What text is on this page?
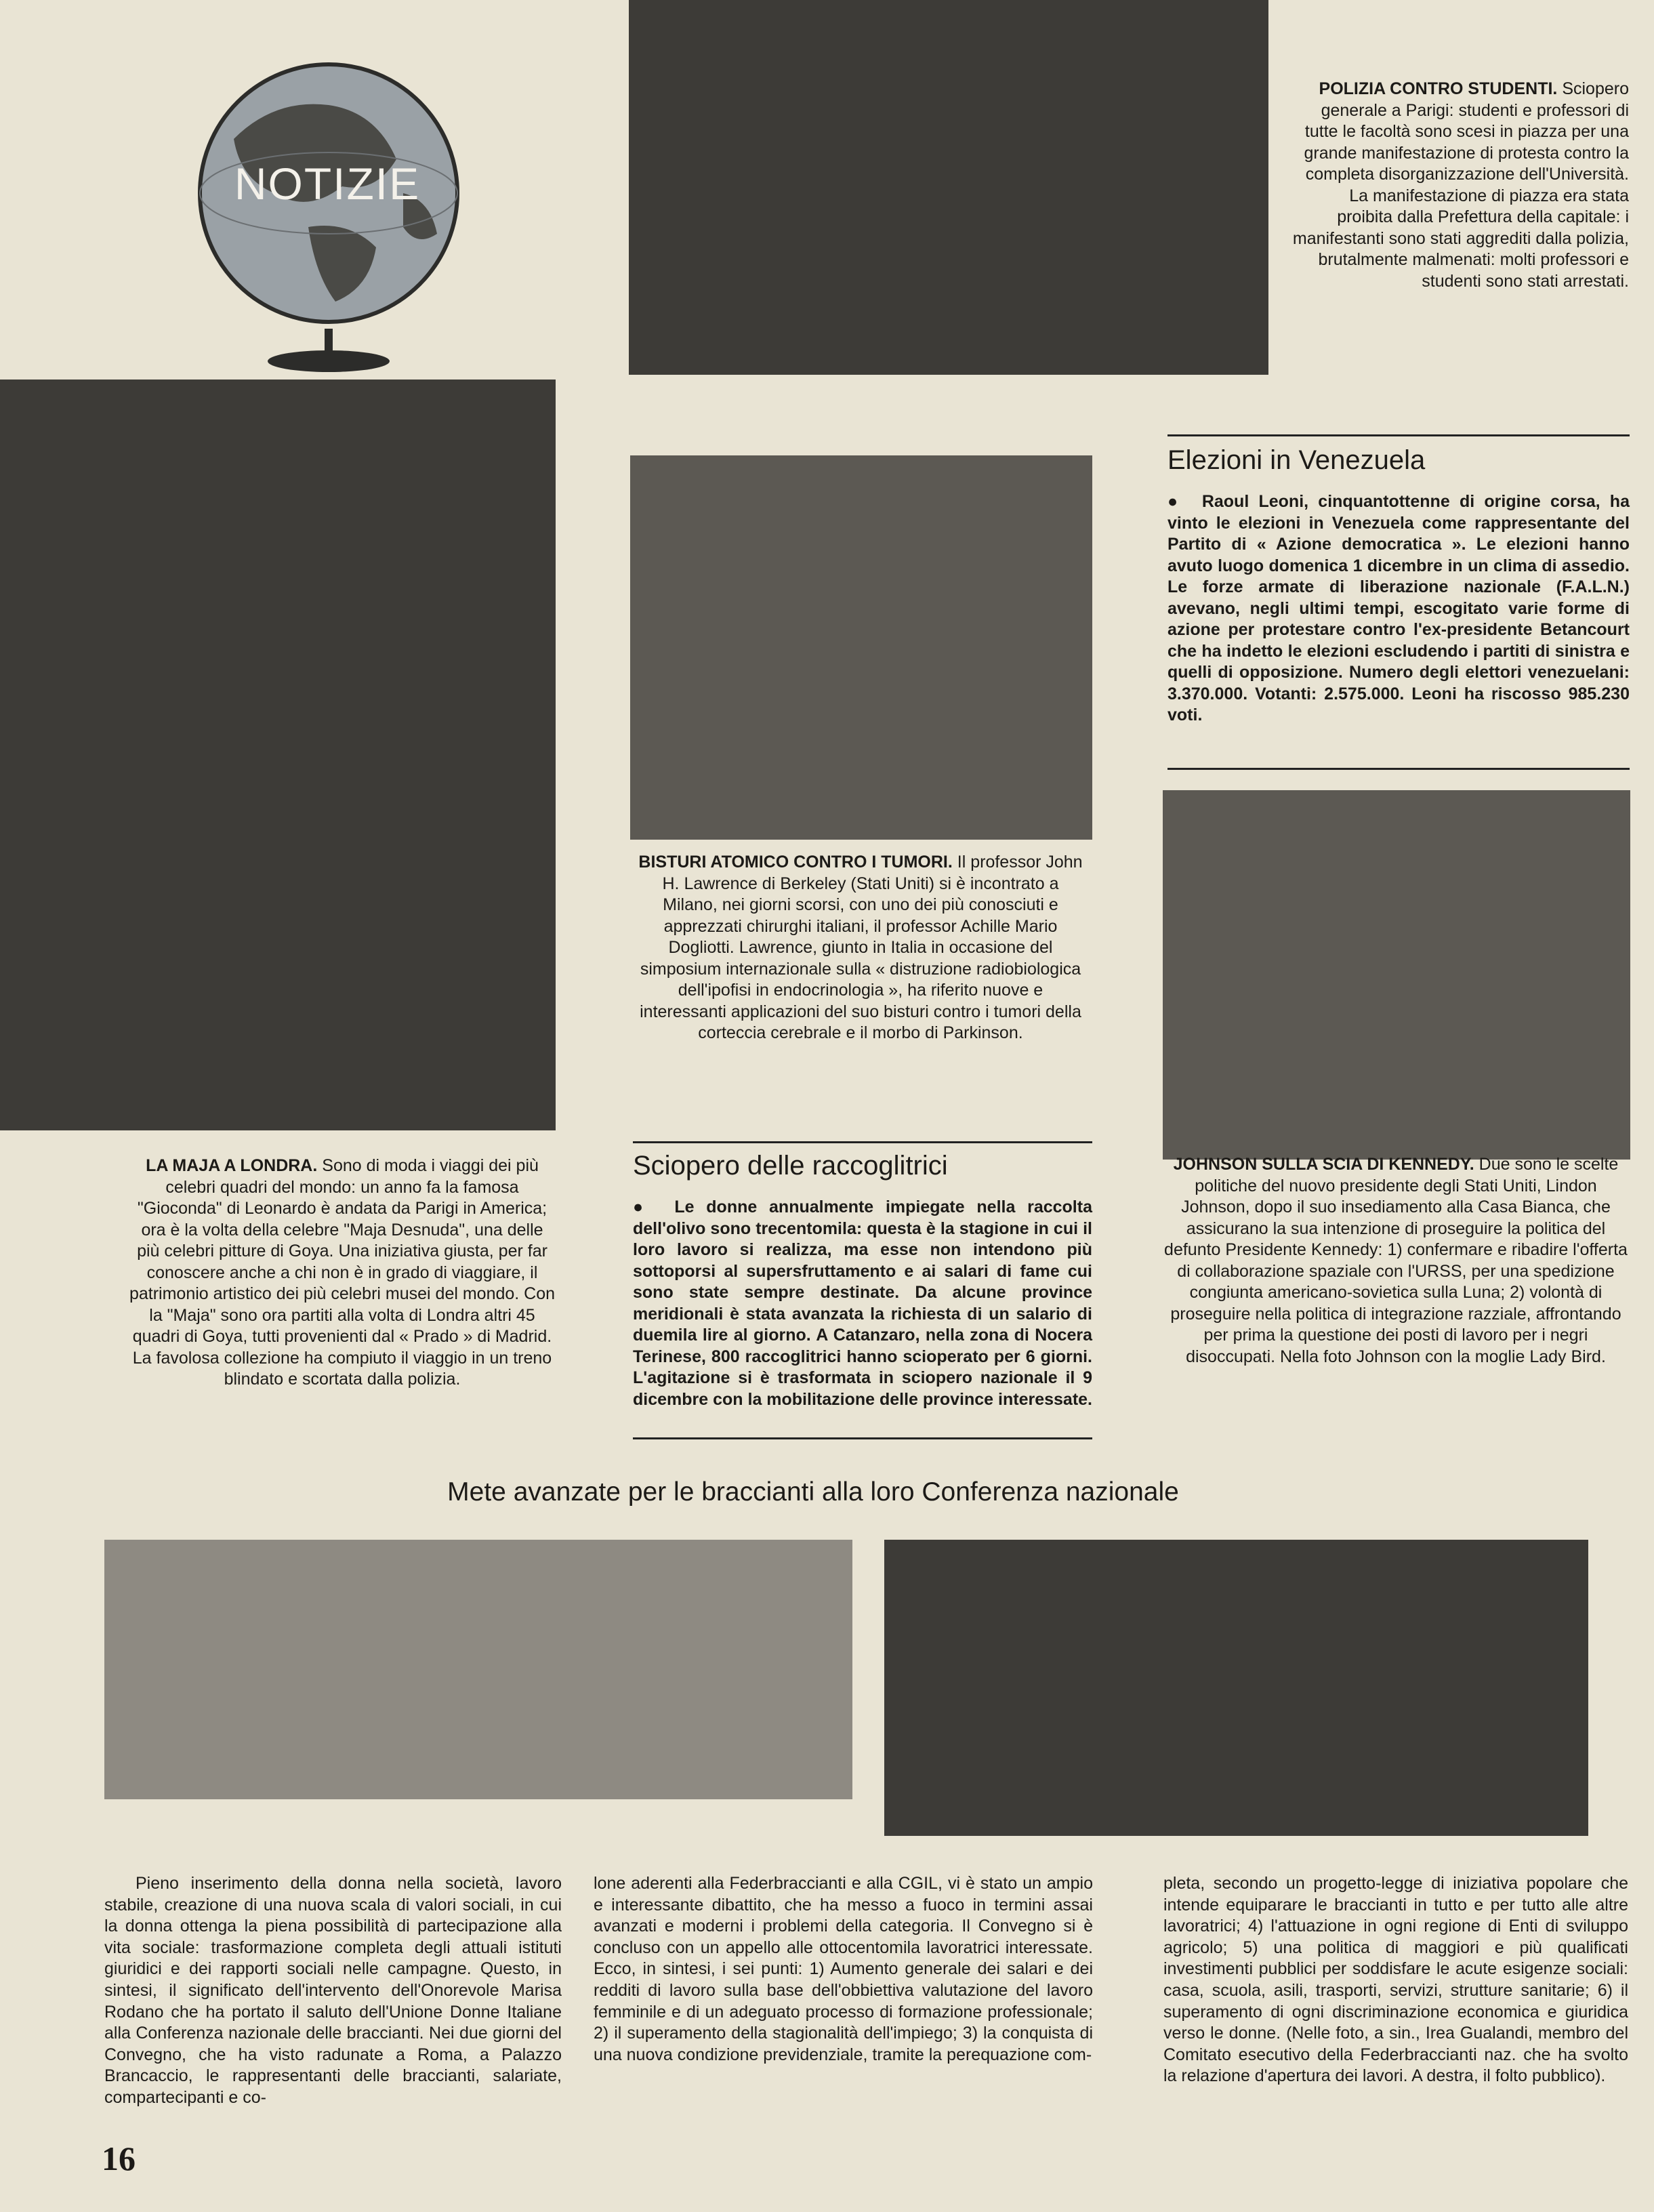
NOTIZIE
POLIZIA CONTRO STUDENTI. Sciopero generale a Parigi: studenti e professori di tutte le facoltà sono scesi in piazza per una grande manifestazione di protesta contro la completa disorganizzazione dell'Università. La manifestazione di piazza era stata proibita dalla Prefettura della capitale: i manifestanti sono stati aggrediti dalla polizia, brutalmente malmenati: molti professori e studenti sono stati arrestati.
Elezioni in Venezuela
●  Raoul Leoni, cinquantottenne di origine corsa, ha vinto le elezioni in Venezuela come rappresentante del Partito di « Azione democratica ». Le elezioni hanno avuto luogo domenica 1 dicembre in un clima di assedio. Le forze armate di liberazione nazionale (F.A.L.N.) avevano, negli ultimi tempi, escogitato varie forme di azione per protestare contro l'ex-presidente Betancourt che ha indetto le elezioni escludendo i partiti di sinistra e quelli di opposizione. Numero degli elettori venezuelani: 3.370.000. Votanti: 2.575.000. Leoni ha riscosso 985.230 voti.
BISTURI ATOMICO CONTRO I TUMORI. Il professor John H. Lawrence di Berkeley (Stati Uniti) si è incontrato a Milano, nei giorni scorsi, con uno dei più conosciuti e apprezzati chirurghi italiani, il professor Achille Mario Dogliotti. Lawrence, giunto in Italia in occasione del simposium internazionale sulla « distruzione radiobiologica dell'ipofisi in endocrinologia », ha riferito nuove e interessanti applicazioni del suo bisturi contro i tumori della corteccia cerebrale e il morbo di Parkinson.
LA MAJA A LONDRA. Sono di moda i viaggi dei più celebri quadri del mondo: un anno fa la famosa "Gioconda" di Leonardo è andata da Parigi in America; ora è la volta della celebre "Maja Desnuda", una delle più celebri pitture di Goya. Una iniziativa giusta, per far conoscere anche a chi non è in grado di viaggiare, il patrimonio artistico dei più celebri musei del mondo. Con la "Maja" sono ora partiti alla volta di Londra altri 45 quadri di Goya, tutti provenienti dal « Prado » di Madrid. La favolosa collezione ha compiuto il viaggio in un treno blindato e scortata dalla polizia.
Sciopero delle raccoglitrici
●  Le donne annualmente impiegate nella raccolta dell'olivo sono trecentomila: questa è la stagione in cui il loro lavoro si realizza, ma esse non intendono più sottoporsi al supersfruttamento e ai salari di fame cui sono state sempre destinate. Da alcune province meridionali è stata avanzata la richiesta di un salario di duemila lire al giorno. A Catanzaro, nella zona di Nocera Terinese, 800 raccoglitrici hanno scioperato per 6 giorni. L'agitazione si è trasformata in sciopero nazionale il 9 dicembre con la mobilitazione delle province interessate.
JOHNSON SULLA SCIA DI KENNEDY. Due sono le scelte politiche del nuovo presidente degli Stati Uniti, Lindon Johnson, dopo il suo insediamento alla Casa Bianca, che assicurano la sua intenzione di proseguire la politica del defunto Presidente Kennedy: 1) confermare e ribadire l'offerta di collaborazione spaziale con l'URSS, per una spedizione congiunta americano-sovietica sulla Luna; 2) volontà di proseguire nella politica di integrazione razziale, affrontando per prima la questione dei posti di lavoro per i negri disoccupati. Nella foto Johnson con la moglie Lady Bird.
Mete avanzate per le braccianti alla loro Conferenza nazionale
Pieno inserimento della donna nella società, lavoro stabile, creazione di una nuova scala di valori sociali, in cui la donna ottenga la piena possibilità di partecipazione alla vita sociale: trasformazione completa degli attuali istituti giuridici e dei rapporti sociali nelle campagne. Questo, in sintesi, il significato dell'intervento dell'Onorevole Marisa Rodano che ha portato il saluto dell'Unione Donne Italiane alla Conferenza nazionale delle braccianti. Nei due giorni del Convegno, che ha visto radunate a Roma, a Palazzo Brancaccio, le rappresentanti delle braccianti, salariate, compartecipanti e co-
lone aderenti alla Federbraccianti e alla CGIL, vi è stato un ampio e interessante dibattito, che ha messo a fuoco in termini assai avanzati e moderni i problemi della categoria. Il Convegno si è concluso con un appello alle ottocentomila lavoratrici interessate. Ecco, in sintesi, i sei punti: 1) Aumento generale dei salari e dei redditi di lavoro sulla base dell'obbiettiva valutazione del lavoro femminile e di un adeguato processo di formazione professionale; 2) il superamento della stagionalità dell'impiego; 3) la conquista di una nuova condizione previdenziale, tramite la perequazione com-
pleta, secondo un progetto-legge di iniziativa popolare che intende equiparare le braccianti in tutto e per tutto alle altre lavoratrici; 4) l'attuazione in ogni regione di Enti di sviluppo agricolo; 5) una politica di maggiori e più qualificati investimenti pubblici per soddisfare le acute esigenze sociali: casa, scuola, asili, trasporti, servizi, strutture sanitarie; 6) il superamento di ogni discriminazione economica e giuridica verso le donne. (Nelle foto, a sin., Irea Gualandi, membro del Comitato esecutivo della Federbraccianti naz. che ha svolto la relazione d'apertura dei lavori. A destra, il folto pubblico).
16
